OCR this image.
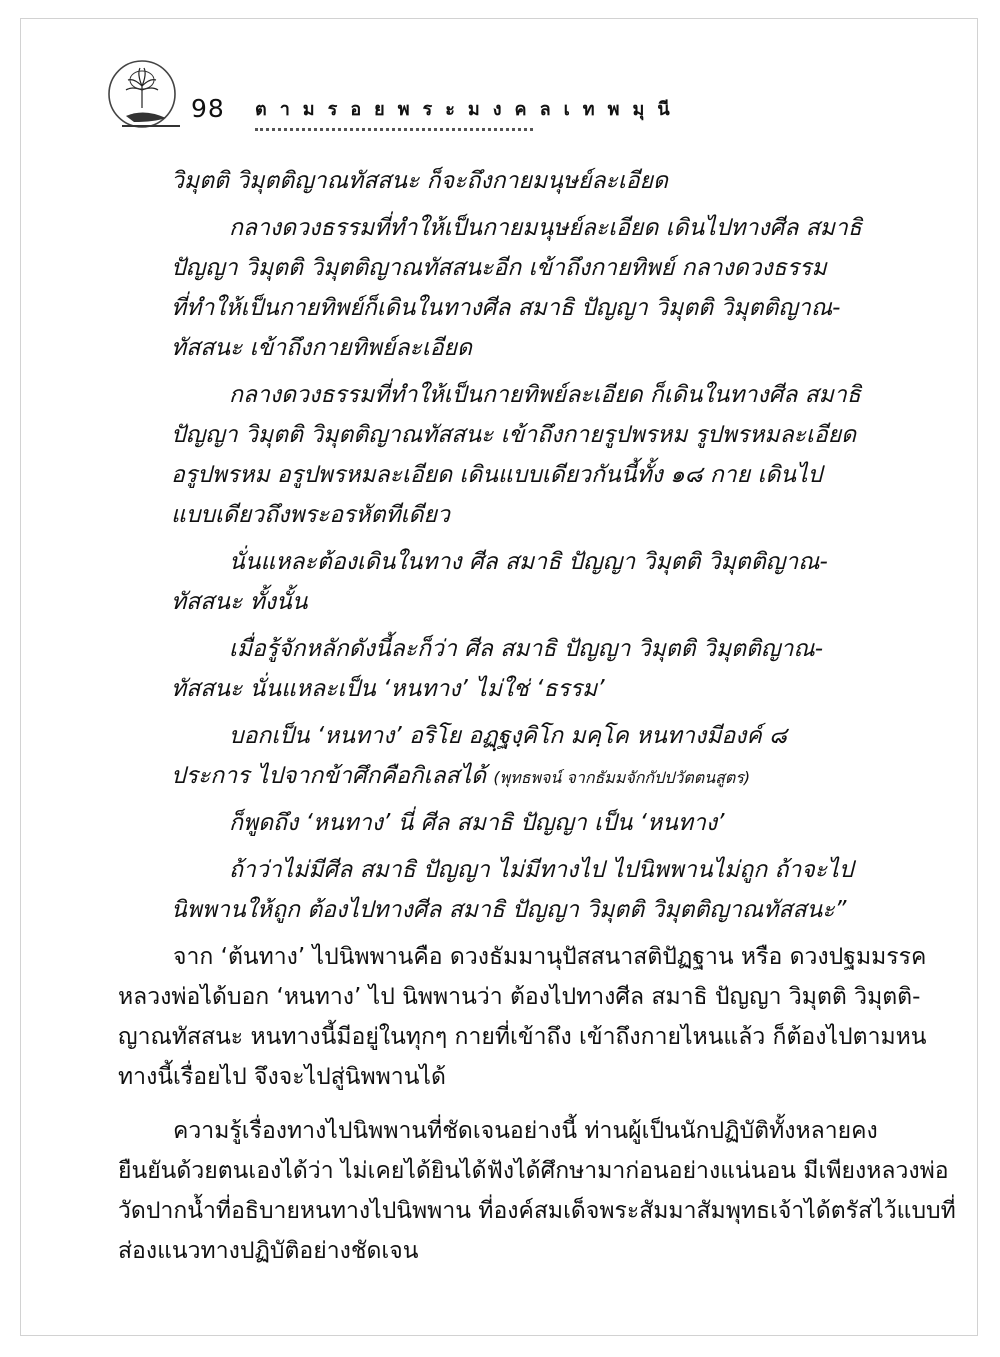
98 ตามรอยพระมงคลเทพมุนี
วิมุตติ วิมุตติญาณทัสสนะ ก็จะถึงกายมนุษย์ละเอียด
กลางดวงธรรมที่ทำให้เป็นกายมนุษย์ละเอียด เดินไปทางศีล สมาธิ
ปัญญา วิมุตติ วิมุตติญาณทัสสนะอีก เข้าถึงกายทิพย์ กลางดวงธรรม
ที่ทำให้เป็นกายทิพย์ก็เดินในทางศีล สมาธิ ปัญญา วิมุตติ วิมุตติญาณ-
ทัสสนะ เข้าถึงกายทิพย์ละเอียด
กลางดวงธรรมที่ทำให้เป็นกายทิพย์ละเอียด ก็เดินในทางศีล สมาธิ
ปัญญา วิมุตติ วิมุตติญาณทัสสนะ เข้าถึงกายรูปพรหม รูปพรหมละเอียด
อรูปพรหม อรูปพรหมละเอียด เดินแบบเดียวกันนี้ทั้ง ๑๘ กาย เดินไป
แบบเดียวถึงพระอรหัตทีเดียว
นั่นแหละต้องเดินในทาง ศีล สมาธิ ปัญญา วิมุตติ วิมุตติญาณ-
ทัสสนะ ทั้งนั้น
เมื่อรู้จักหลักดังนี้ละก็ว่า ศีล สมาธิ ปัญญา วิมุตติ วิมุตติญาณ-
ทัสสนะ นั่นแหละเป็น ‘หนทาง’ ไม่ใช่ ‘ธรรม’
บอกเป็น ‘หนทาง’ อริโย อฏฺฐงฺคิโก มคฺโค หนทางมีองค์ ๘
ประการ ไปจากข้าศึกคือกิเลสได้ (พุทธพจน์ จากธัมมจักกัปปวัตตนสูตร)
ก็พูดถึง ‘หนทาง’ นี่ ศีล สมาธิ ปัญญา เป็น ‘หนทาง’
ถ้าว่าไม่มีศีล สมาธิ ปัญญา ไม่มีทางไป ไปนิพพานไม่ถูก ถ้าจะไป
นิพพานให้ถูก ต้องไปทางศีล สมาธิ ปัญญา วิมุตติ วิมุตติญาณทัสสนะ”
จาก ‘ต้นทาง’ ไปนิพพานคือ ดวงธัมมานุปัสสนาสติปัฏฐาน หรือ ดวงปฐมมรรค
หลวงพ่อได้บอก ‘หนทาง’ ไป นิพพานว่า ต้องไปทางศีล สมาธิ ปัญญา วิมุตติ วิมุตติ-
ญาณทัสสนะ หนทางนี้มีอยู่ในทุกๆ กายที่เข้าถึง เข้าถึงกายไหนแล้ว ก็ต้องไปตามหน
ทางนี้เรื่อยไป จึงจะไปสู่นิพพานได้
ความรู้เรื่องทางไปนิพพานที่ชัดเจนอย่างนี้ ท่านผู้เป็นนักปฏิบัติทั้งหลายคง
ยืนยันด้วยตนเองได้ว่า ไม่เคยได้ยินได้ฟังได้ศึกษามาก่อนอย่างแน่นอน มีเพียงหลวงพ่อ
วัดปากน้ำที่อธิบายหนทางไปนิพพาน ที่องค์สมเด็จพระสัมมาสัมพุทธเจ้าได้ตรัสไว้แบบที่
ส่องแนวทางปฏิบัติอย่างชัดเจน
